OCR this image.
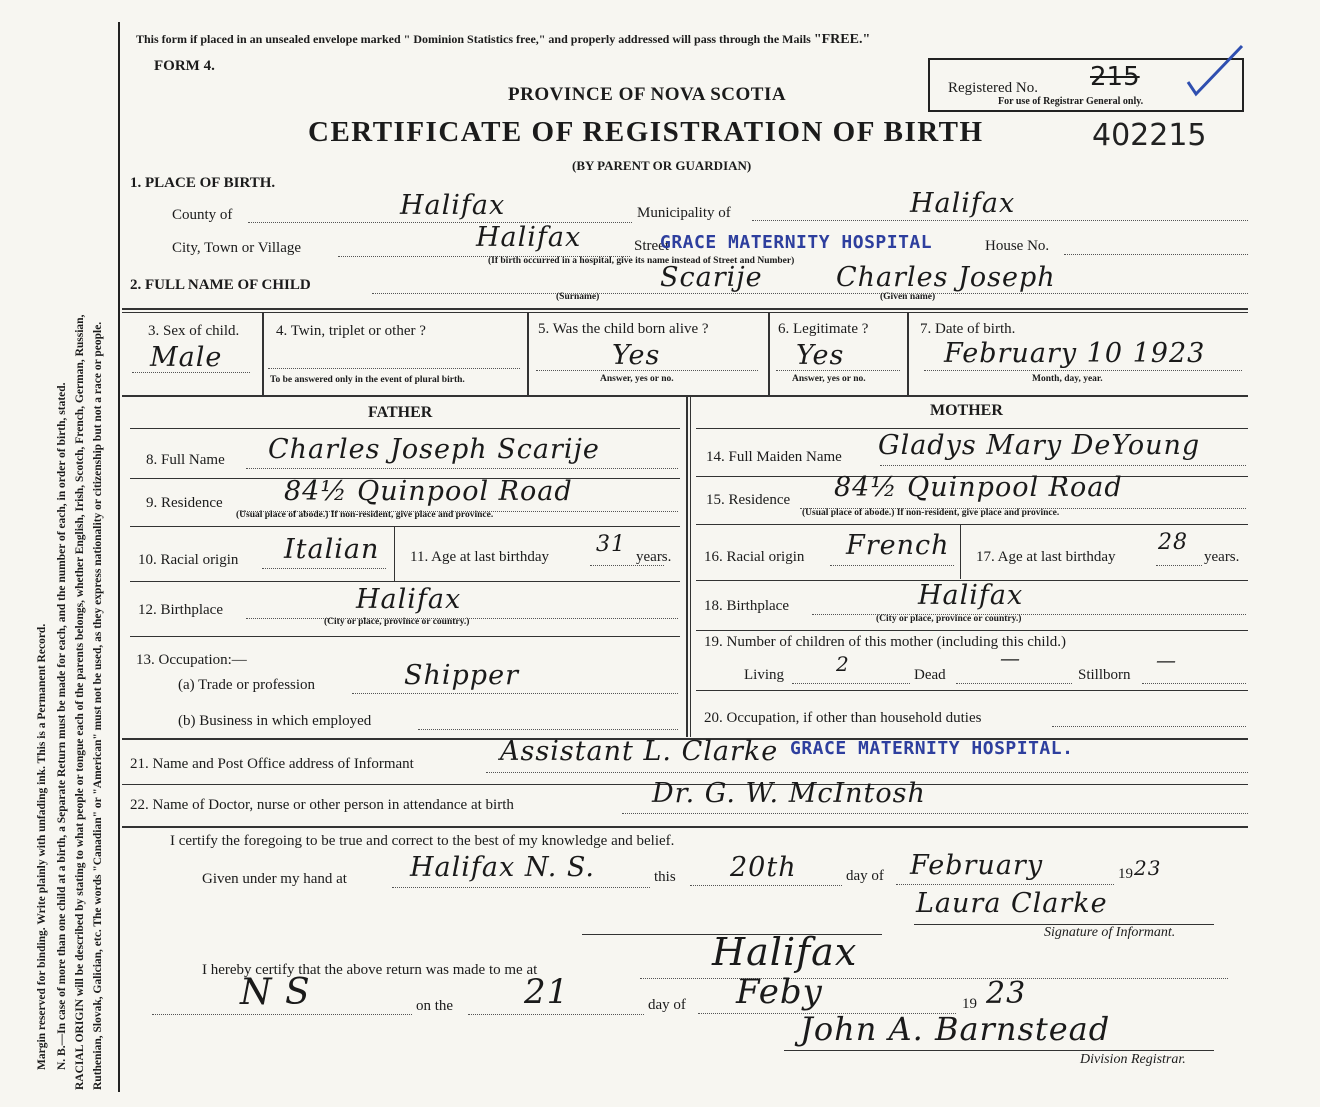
Margin reserved for binding. Write plainly with unfading ink. This is a Permanent Record. N. B.—In case of more than one child at a birth, a Separate Return must be made for each, and the number of each, in order of birth, stated. RACIAL ORIGIN will be described by stating to what people or tongue each of the parents belongs, whether English, Irish, Scotch, French, German, Russian, Ruthenian, Slovak, Galician, etc. The words "Canadian" or "American" must not be used, as they express nationality or citizenship but not a race or people.
This form if placed in an unsealed envelope marked " Dominion Statistics free," and properly addressed will pass through the Mails "FREE."
FORM 4.
PROVINCE OF NOVA SCOTIA
CERTIFICATE OF REGISTRATION OF BIRTH	402215
(BY PARENT OR GUARDIAN)
Registered No. 215
For use of Registrar General only.
1. PLACE OF BIRTH.
County of	Halifax	Municipality of	Halifax
City, Town or Village	Halifax	Street
GRACE MATERNITY HOSPITAL	House No.
(If birth occurred in a hospital, give its name instead of Street and Number)
2. FULL NAME OF CHILD	Scarije	Charles Joseph
(Surname)	(Given name)
3. Sex of child.
Male
4. Twin, triplet or other ?
To be answered only in the event of plural birth.
5. Was the child born alive ?
Yes
Answer, yes or no.
6. Legitimate ?
Yes
Answer, yes or no.
7. Date of birth.
February 10 1923
Month, day, year.
FATHER
8. Full Name Charles Joseph Scarije
9. Residence 84½ Quinpool Road
(Usual place of abode.) If non-resident, give place and province.
10. Racial origin Italian 11. Age at last birthday 31 years.
12. Birthplace	Halifax
(City or place, province or country.)
13. Occupation:—
(a) Trade or profession	Shipper
(b) Business in which employed
MOTHER
14. Full Maiden Name Gladys Mary DeYoung
15. Residence 84½ Quinpool Road
(Usual place of abode.) If non-resident, give place and province.
16. Racial origin French 17. Age at last birthday
28
years.
18. Birthplace	Halifax
(City or place, province or country.)
19. Number of children of this mother (including this child.)
Living	2	Dead
—
Stillborn
—
20. Occupation, if other than household duties
21. Name and Post Office address of Informant	Assistant L. Clarke GRACE MATERNITY HOSPITAL.
22. Name of Doctor, nurse or other person in attendance at birth	Dr. G. W. McIntosh
I certify the foregoing to be true and correct to the best of my knowledge and belief.
Given under my hand at Halifax N. S.	this 20th	day of February	19 23
Laura Clarke
Signature of Informant.
I hereby certify that the above return was made to me at	Halifax
N S	on the 21	day of Feby	19 23
John A. Barnstead
Division Registrar.
